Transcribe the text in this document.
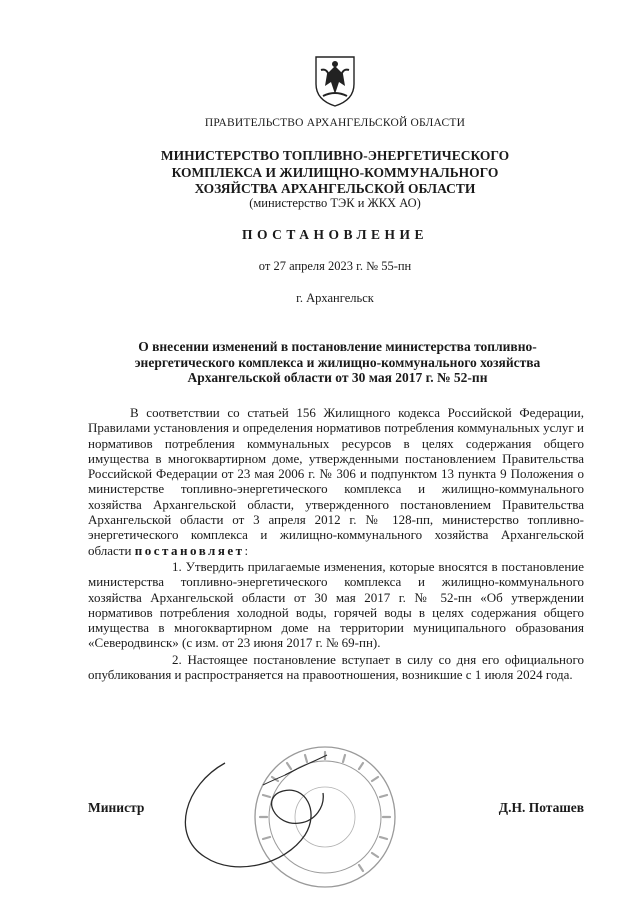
ПРАВИТЕЛЬСТВО АРХАНГЕЛЬСКОЙ ОБЛАСТИ
МИНИСТЕРСТВО ТОПЛИВНО-ЭНЕРГЕТИЧЕСКОГО
КОМПЛЕКСА И ЖИЛИЩНО-КОММУНАЛЬНОГО
ХОЗЯЙСТВА АРХАНГЕЛЬСКОЙ ОБЛАСТИ
(министерство ТЭК и ЖКХ АО)
ПОСТАНОВЛЕНИЕ
от 27 апреля 2023 г. № 55-пн
г. Архангельск
О внесении изменений в постановление министерства топливно-
энергетического комплекса и жилищно-коммунального хозяйства
Архангельской области от 30 мая 2017 г. № 52-пн

В соответствии со статьей 156 Жилищного кодекса Российской Федерации, Правилами установления и определения нормативов потребления коммунальных услуг и нормативов потребления коммунальных ресурсов в целях содержания общего имущества в многоквартирном доме, утвержденными постановлением Правительства Российской Федерации от 23 мая 2006 г. № 306 и подпунктом 13 пункта 9 Положения о министерстве топливно-энергетического комплекса и жилищно-коммунального хозяйства Архангельской области, утвержденного постановлением Правительства Архангельской области от 3 апреля 2012 г. № 128-пп, министерство топливно-энергетического комплекса и жилищно-коммунального хозяйства Архангельской области постановляет:

1. Утвердить прилагаемые изменения, которые вносятся в постановление министерства топливно-энергетического комплекса и жилищно-коммунального хозяйства Архангельской области от 30 мая 2017 г. № 52-пн «Об утверждении нормативов потребления холодной воды, горячей воды в целях содержания общего имущества в многоквартирном доме на территории муниципального образования «Северодвинск» (с изм. от 23 июня 2017 г. № 69-пн).

2. Настоящее постановление вступает в силу со дня его официального опубликования и распространяется на правоотношения, возникшие с 1 июля 2024 года.

Министр	Д.Н. Поташев
